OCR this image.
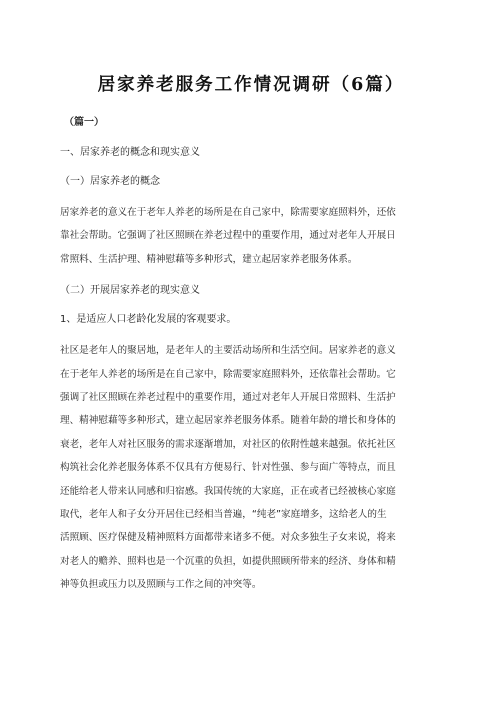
居家养老服务工作情况调研（6篇）
（篇一）
一、居家养老的概念和现实意义
（一）居家养老的概念
居家养老的意义在于老年人养老的场所是在自己家中，除需要家庭照料外，还依
靠社会帮助。它强调了社区照顾在养老过程中的重要作用，通过对老年人开展日
常照料、生活护理、精神慰藉等多种形式，建立起居家养老服务体系。
（二）开展居家养老的现实意义
1、是适应人口老龄化发展的客观要求。
社区是老年人的聚居地，是老年人的主要活动场所和生活空间。居家养老的意义
在于老年人养老的场所是在自己家中，除需要家庭照料外，还依靠社会帮助。它
强调了社区照顾在养老过程中的重要作用，通过对老年人开展日常照料、生活护
理、精神慰藉等多种形式，建立起居家养老服务体系。随着年龄的增长和身体的
衰老，老年人对社区服务的需求逐渐增加，对社区的依附性越来越强。依托社区
构筑社会化养老服务体系不仅具有方便易行、针对性强、参与面广等特点，而且
还能给老人带来认同感和归宿感。我国传统的大家庭，正在或者已经被核心家庭
取代，老年人和子女分开居住已经相当普遍，“纯老”家庭增多，这给老人的生
活照顾、医疗保健及精神照料方面都带来诸多不便。对众多独生子女来说，将来
对老人的赡养、照料也是一个沉重的负担，如提供照顾所带来的经济、身体和精
神等负担或压力以及照顾与工作之间的冲突等。
